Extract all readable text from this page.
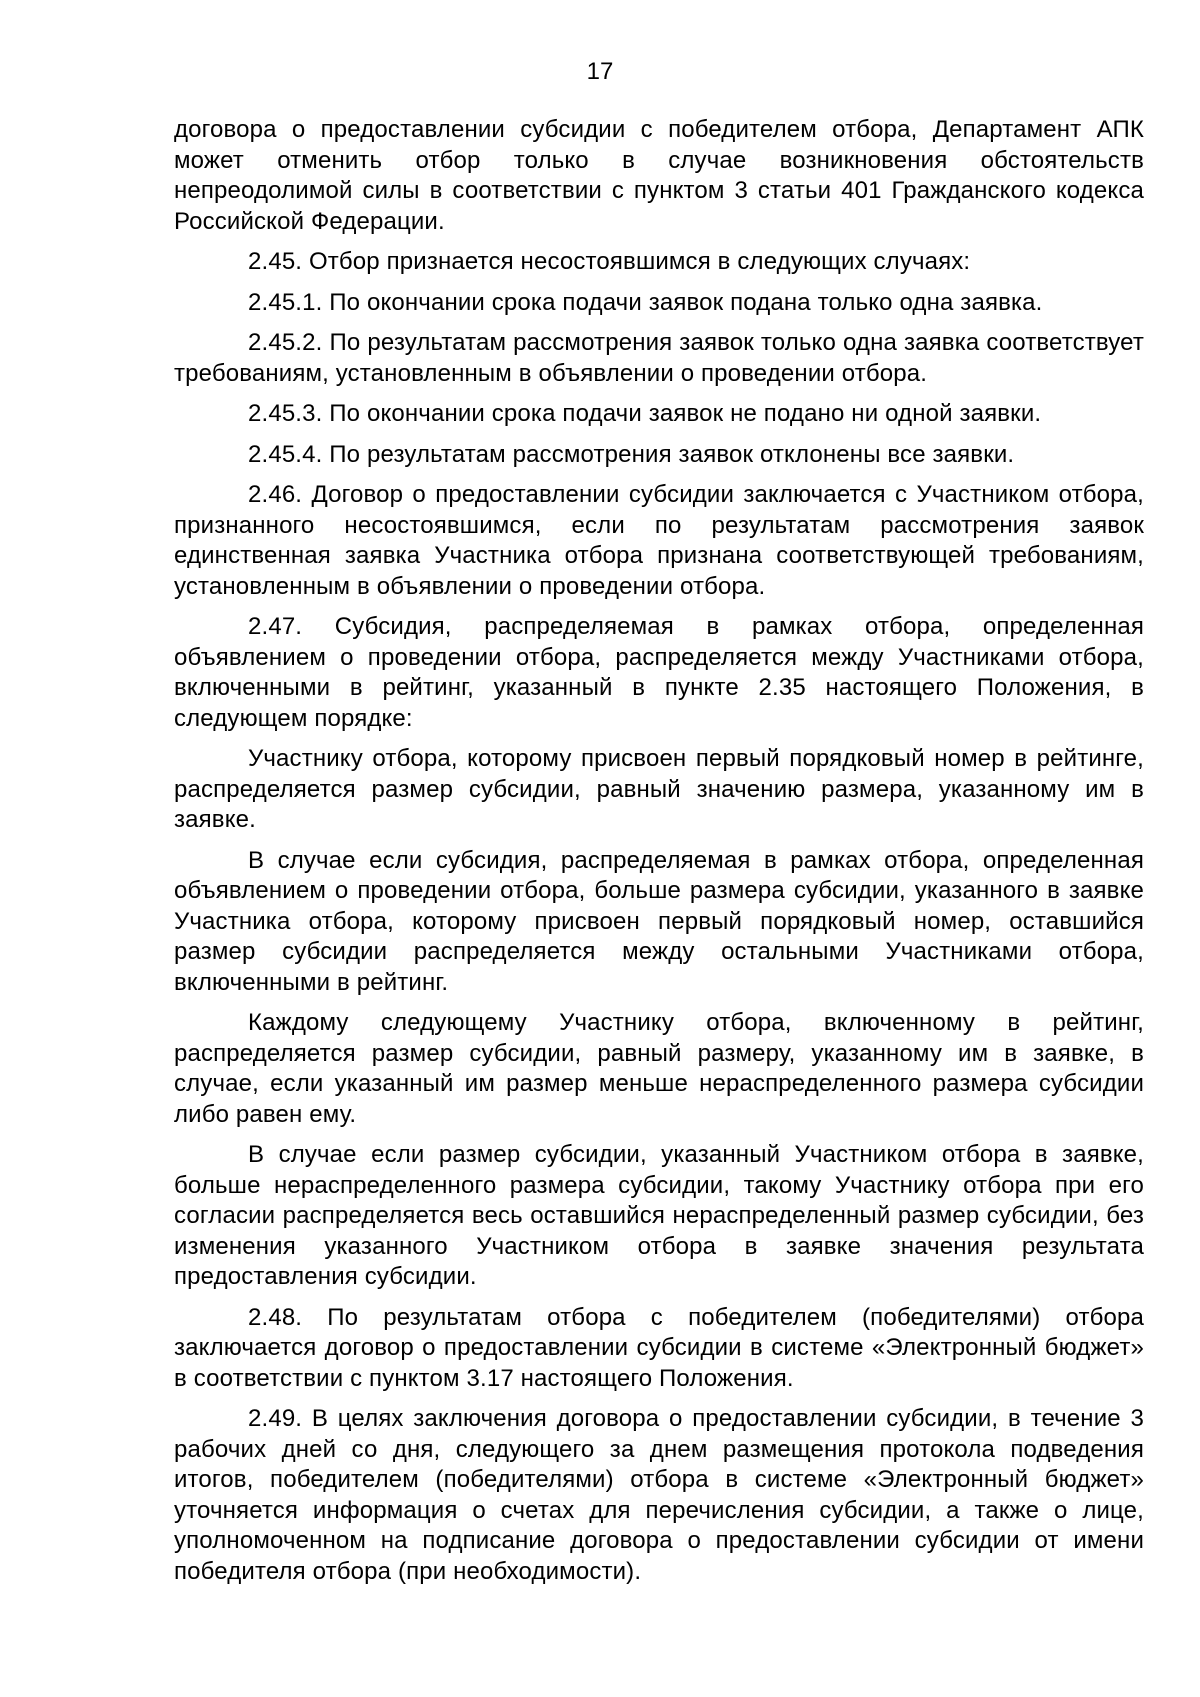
17

договора о предоставлении субсидии с победителем отбора, Департамент АПК может отменить отбор только в случае возникновения обстоятельств непреодолимой силы в соответствии с пунктом 3 статьи 401 Гражданского кодекса Российской Федерации.

2.45. Отбор признается несостоявшимся в следующих случаях:

2.45.1. По окончании срока подачи заявок подана только одна заявка.

2.45.2. По результатам рассмотрения заявок только одна заявка соответствует требованиям, установленным в объявлении о проведении отбора.

2.45.3. По окончании срока подачи заявок не подано ни одной заявки.

2.45.4. По результатам рассмотрения заявок отклонены все заявки.

2.46. Договор о предоставлении субсидии заключается с Участником отбора, признанного несостоявшимся, если по результатам рассмотрения заявок единственная заявка Участника отбора признана соответствующей требованиям, установленным в объявлении о проведении отбора.

2.47. Субсидия, распределяемая в рамках отбора, определенная объявлением о проведении отбора, распределяется между Участниками отбора, включенными в рейтинг, указанный в пункте 2.35 настоящего Положения, в следующем порядке:

Участнику отбора, которому присвоен первый порядковый номер в рейтинге, распределяется размер субсидии, равный значению размера, указанному им в заявке.

В случае если субсидия, распределяемая в рамках отбора, определенная объявлением о проведении отбора, больше размера субсидии, указанного в заявке Участника отбора, которому присвоен первый порядковый номер, оставшийся размер субсидии распределяется между остальными Участниками отбора, включенными в рейтинг.

Каждому следующему Участнику отбора, включенному в рейтинг, распределяется размер субсидии, равный размеру, указанному им в заявке, в случае, если указанный им размер меньше нераспределенного размера субсидии либо равен ему.

В случае если размер субсидии, указанный Участником отбора в заявке, больше нераспределенного размера субсидии, такому Участнику отбора при его согласии распределяется весь оставшийся нераспределенный размер субсидии, без изменения указанного Участником отбора в заявке значения результата предоставления субсидии.

2.48. По результатам отбора с победителем (победителями) отбора заключается договор о предоставлении субсидии в системе «Электронный бюджет» в соответствии с пунктом 3.17 настоящего Положения.

2.49. В целях заключения договора о предоставлении субсидии, в течение 3 рабочих дней со дня, следующего за днем размещения протокола подведения итогов, победителем (победителями) отбора в системе «Электронный бюджет» уточняется информация о счетах для перечисления субсидии, а также о лице, уполномоченном на подписание договора о предоставлении субсидии от имени победителя отбора (при необходимости).
